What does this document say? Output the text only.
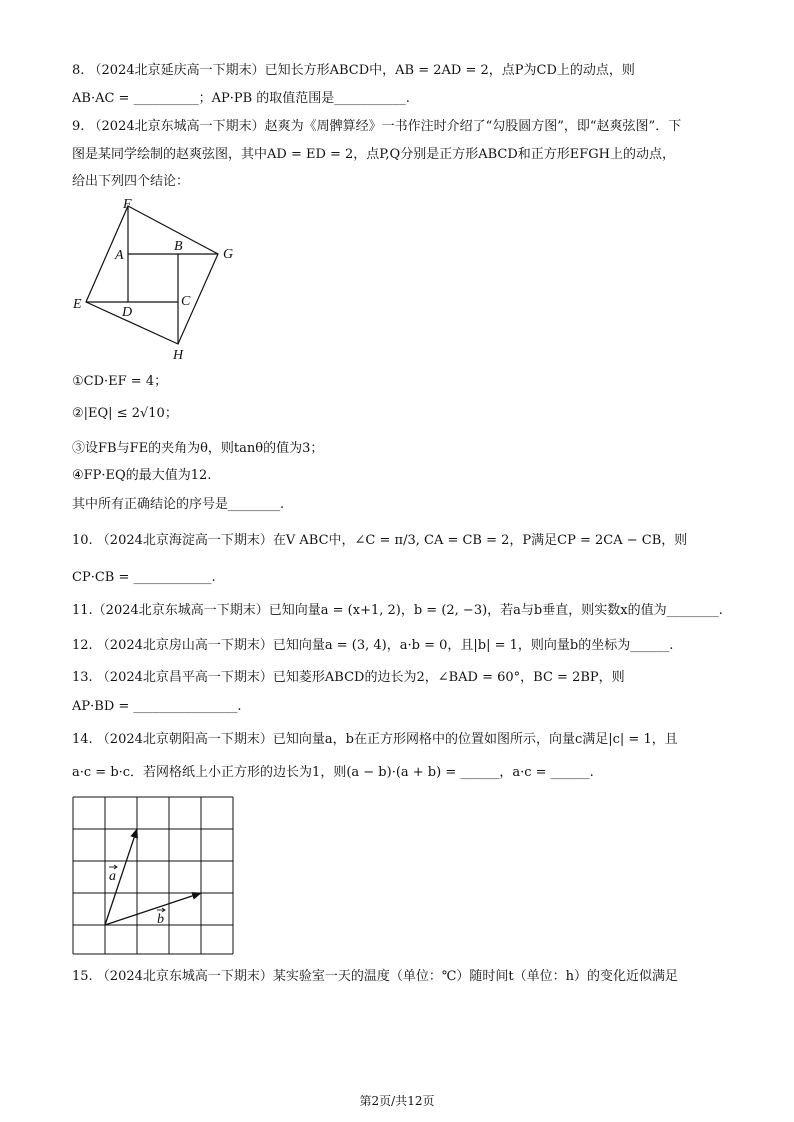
8. （2024北京延庆高一下期末）已知长方形ABCD中，AB = 2AD = 2，点P为CD上的动点，则
AB·AC = __________；AP·PB 的取值范围是___________.
9. （2024北京东城高一下期末）赵爽为《周髀算经》一书作注时介绍了“勾股圆方图”，即“赵爽弦图”．下
图是某同学绘制的赵爽弦图，其中AD = ED = 2，点P,Q分别是正方形ABCD和正方形EFGH上的动点，
给出下列四个结论：
F
A
B
G
E
D
C
H
①CD·EF = 4；
②|EQ| ≤ 2√10；
③设FB与FE的夹角为θ，则tanθ的值为3；
④FP·EQ的最大值为12.
其中所有正确结论的序号是________.
10. （2024北京海淀高一下期末）在V ABC中，∠C = π/3, CA = CB = 2，P满足CP = 2CA − CB，则
CP·CB = ____________.
11.（2024北京东城高一下期末）已知向量a = (x+1, 2)，b = (2, −3)，若a与b垂直，则实数x的值为________.
12. （2024北京房山高一下期末）已知向量a = (3, 4)，a·b = 0，且|b| = 1，则向量b的坐标为______.
13. （2024北京昌平高一下期末）已知菱形ABCD的边长为2，∠BAD = 60°，BC = 2BP，则
AP·BD = ________________.
14. （2024北京朝阳高一下期末）已知向量a，b在正方形网格中的位置如图所示，向量c满足|c| = 1，且
a·c = b·c．若网格纸上小正方形的边长为1，则(a − b)·(a + b) = ______，a·c = ______.
a
b
15. （2024北京东城高一下期末）某实验室一天的温度（单位：℃）随时间t（单位：h）的变化近似满足
第2页/共12页
